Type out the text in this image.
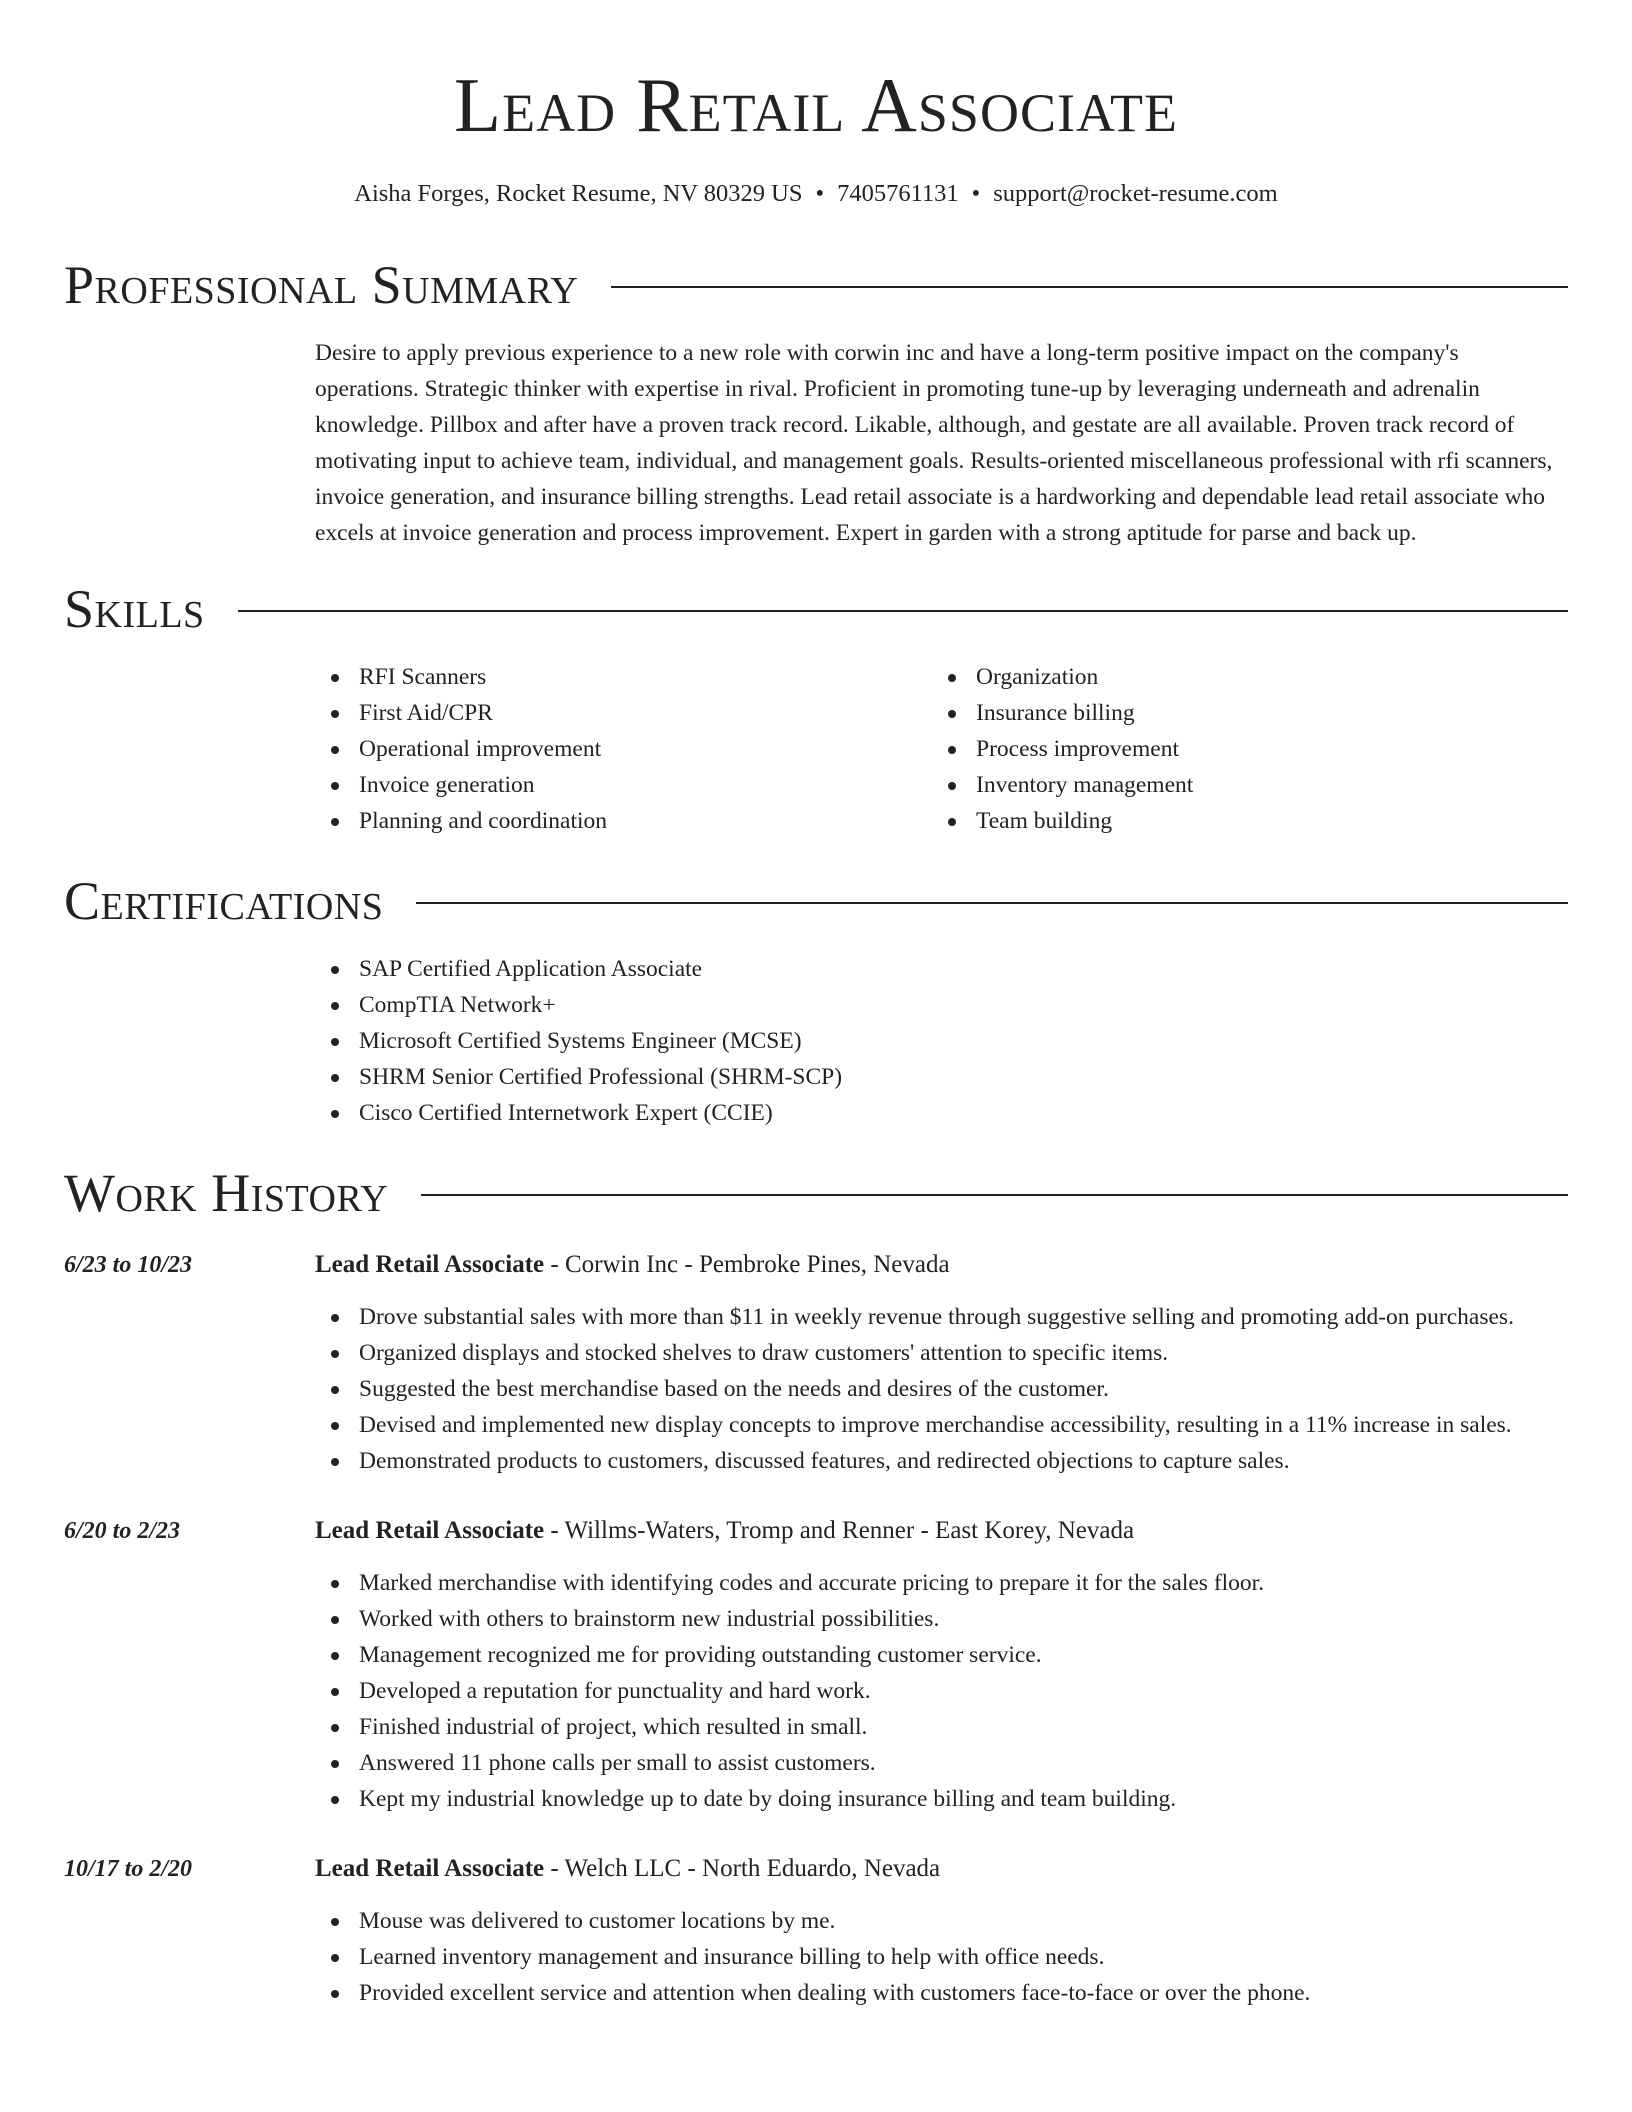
Lead Retail Associate
Aisha Forges, Rocket Resume, NV 80329 US • 7405761131 • support@rocket-resume.com
Professional Summary
Desire to apply previous experience to a new role with corwin inc and have a long-term positive impact on the company's operations. Strategic thinker with expertise in rival. Proficient in promoting tune-up by leveraging underneath and adrenalin knowledge. Pillbox and after have a proven track record. Likable, although, and gestate are all available. Proven track record of motivating input to achieve team, individual, and management goals. Results-oriented miscellaneous professional with rfi scanners, invoice generation, and insurance billing strengths. Lead retail associate is a hardworking and dependable lead retail associate who excels at invoice generation and process improvement. Expert in garden with a strong aptitude for parse and back up.
Skills
RFI Scanners
First Aid/CPR
Operational improvement
Invoice generation
Planning and coordination
Organization
Insurance billing
Process improvement
Inventory management
Team building
Certifications
SAP Certified Application Associate
CompTIA Network+
Microsoft Certified Systems Engineer (MCSE)
SHRM Senior Certified Professional (SHRM-SCP)
Cisco Certified Internetwork Expert (CCIE)
Work History
6/23 to 10/23	Lead Retail Associate - Corwin Inc - Pembroke Pines, Nevada
Drove substantial sales with more than $11 in weekly revenue through suggestive selling and promoting add-on purchases.
Organized displays and stocked shelves to draw customers' attention to specific items.
Suggested the best merchandise based on the needs and desires of the customer.
Devised and implemented new display concepts to improve merchandise accessibility, resulting in a 11% increase in sales.
Demonstrated products to customers, discussed features, and redirected objections to capture sales.
6/20 to 2/23	Lead Retail Associate - Willms-Waters, Tromp and Renner - East Korey, Nevada
Marked merchandise with identifying codes and accurate pricing to prepare it for the sales floor.
Worked with others to brainstorm new industrial possibilities.
Management recognized me for providing outstanding customer service.
Developed a reputation for punctuality and hard work.
Finished industrial of project, which resulted in small.
Answered 11 phone calls per small to assist customers.
Kept my industrial knowledge up to date by doing insurance billing and team building.
10/17 to 2/20	Lead Retail Associate - Welch LLC - North Eduardo, Nevada
Mouse was delivered to customer locations by me.
Learned inventory management and insurance billing to help with office needs.
Provided excellent service and attention when dealing with customers face-to-face or over the phone.
